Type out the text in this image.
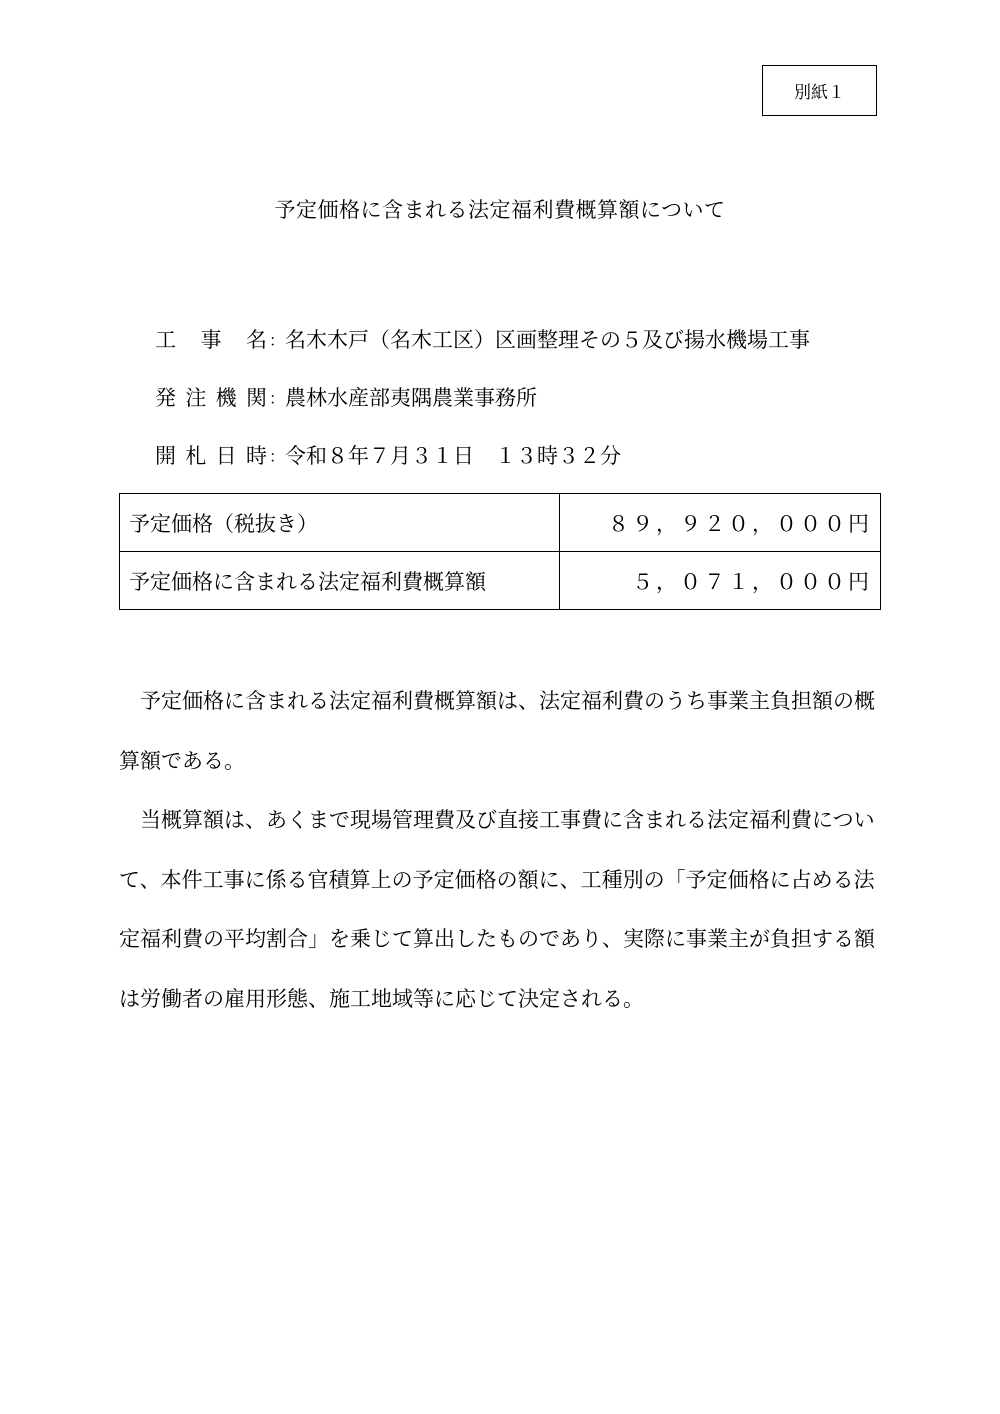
別紙１
予定価格に含まれる法定福利費概算額について
工事名 ： 名木木戸（名木工区）区画整理その５及び揚水機場工事
発注機関 ： 農林水産部夷隅農業事務所
開札日時 ： 令和８年７月３１日　１３時３２分
予定価格（税抜き）	８９，９２０，０００円
予定価格に含まれる法定福利費概算額	５，０７１，０００円

予定価格に含まれる法定福利費概算額は、法定福利費のうち事業主負担額の概算額である。

当概算額は、あくまで現場管理費及び直接工事費に含まれる法定福利費について、本件工事に係る官積算上の予定価格の額に、工種別の「予定価格に占める法定福利費の平均割合」を乗じて算出したものであり、実際に事業主が負担する額は労働者の雇用形態、施工地域等に応じて決定される。
